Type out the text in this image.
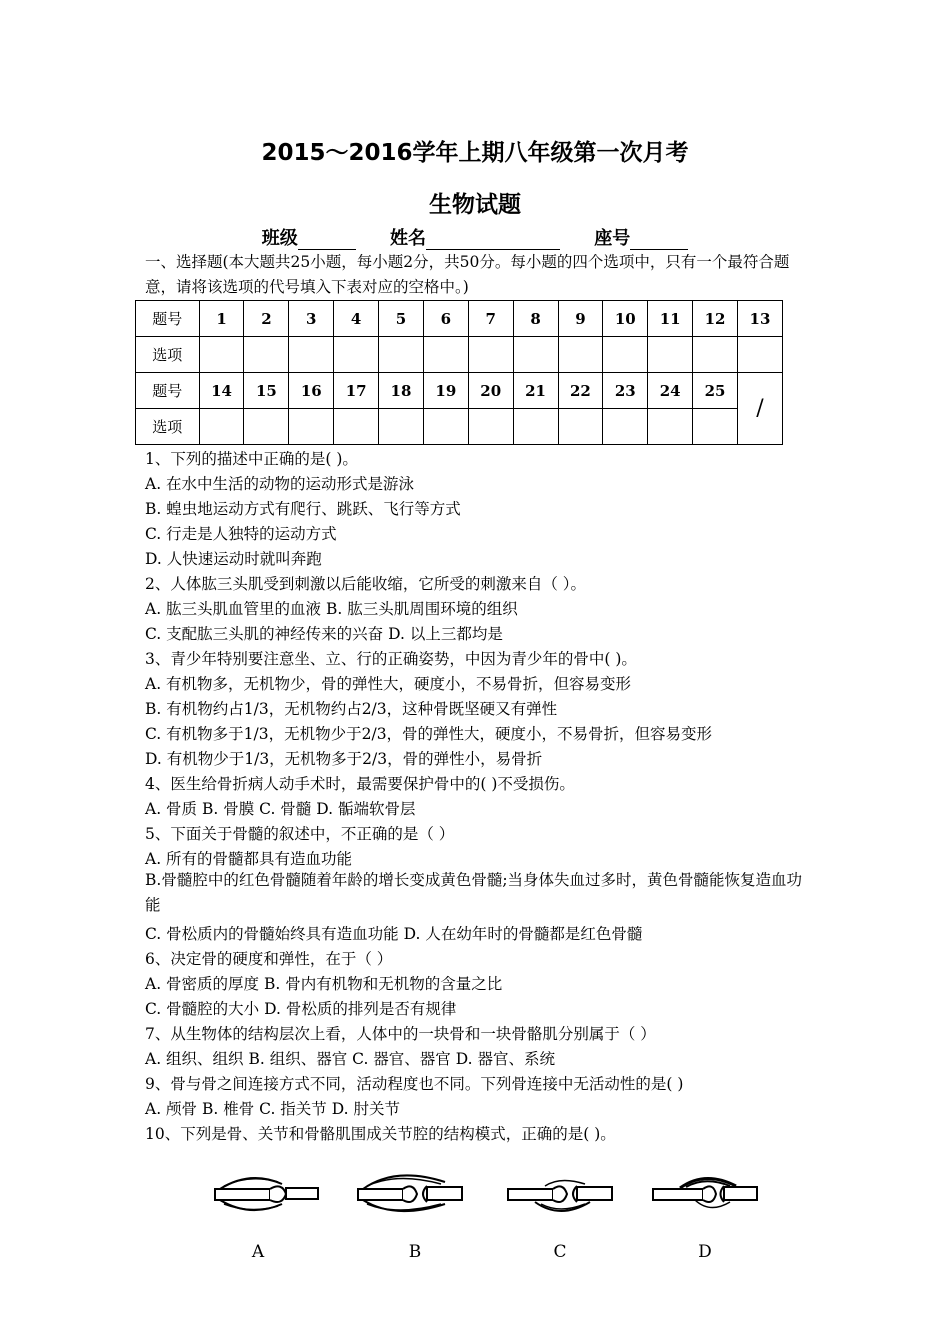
2015～2016学年上期八年级第一次月考
生物试题
班级	姓名	座号
一、选择题(本大题共25小题，每小题2分，共50分。每小题的四个选项中，只有一个最符合题意，请将该选项的代号填入下表对应的空格中。)
题号	1	2	3	4	5	6	7	8	9	10	11	12	13
选项													
题号	14	15	16	17	18	19	20	21	22	23	24	25	/
选项													
1、下列的描述中正确的是( )。
A. 在水中生活的动物的运动形式是游泳
B. 蝗虫地运动方式有爬行、跳跃、飞行等方式
C. 行走是人独特的运动方式
D. 人快速运动时就叫奔跑
2、人体肱三头肌受到刺激以后能收缩，它所受的刺激来自（ ）。
A. 肱三头肌血管里的血液 B. 肱三头肌周围环境的组织
C. 支配肱三头肌的神经传来的兴奋 D. 以上三都均是
3、青少年特别要注意坐、立、行的正确姿势，中因为青少年的骨中( )。
A. 有机物多，无机物少，骨的弹性大，硬度小，不易骨折，但容易变形
B. 有机物约占1/3，无机物约占2/3，这种骨既坚硬又有弹性
C. 有机物多于1/3，无机物少于2/3，骨的弹性大，硬度小，不易骨折，但容易变形
D. 有机物少于1/3，无机物多于2/3，骨的弹性小，易骨折
4、医生给骨折病人动手术时，最需要保护骨中的( )不受损伤。
A. 骨质 B. 骨膜 C. 骨髓 D. 骺端软骨层
5、下面关于骨髓的叙述中，不正确的是（ ）
A. 所有的骨髓都具有造血功能
B.骨髓腔中的红色骨髓随着年龄的增长变成黄色骨髓;当身体失血过多时，黄色骨髓能恢复造血功能
C. 骨松质内的骨髓始终具有造血功能 D. 人在幼年时的骨髓都是红色骨髓
6、决定骨的硬度和弹性，在于（ ）
A. 骨密质的厚度 B. 骨内有机物和无机物的含量之比
C. 骨髓腔的大小 D. 骨松质的排列是否有规律
7、从生物体的结构层次上看，人体中的一块骨和一块骨骼肌分别属于（ ）
A. 组织、组织 B. 组织、器官 C. 器官、器官 D. 器官、系统
9、骨与骨之间连接方式不同，活动程度也不同。下列骨连接中无活动性的是( )
A. 颅骨 B. 椎骨 C. 指关节 D. 肘关节
10、下列是骨、关节和骨骼肌围成关节腔的结构模式，正确的是( )。
A	B	C	D
